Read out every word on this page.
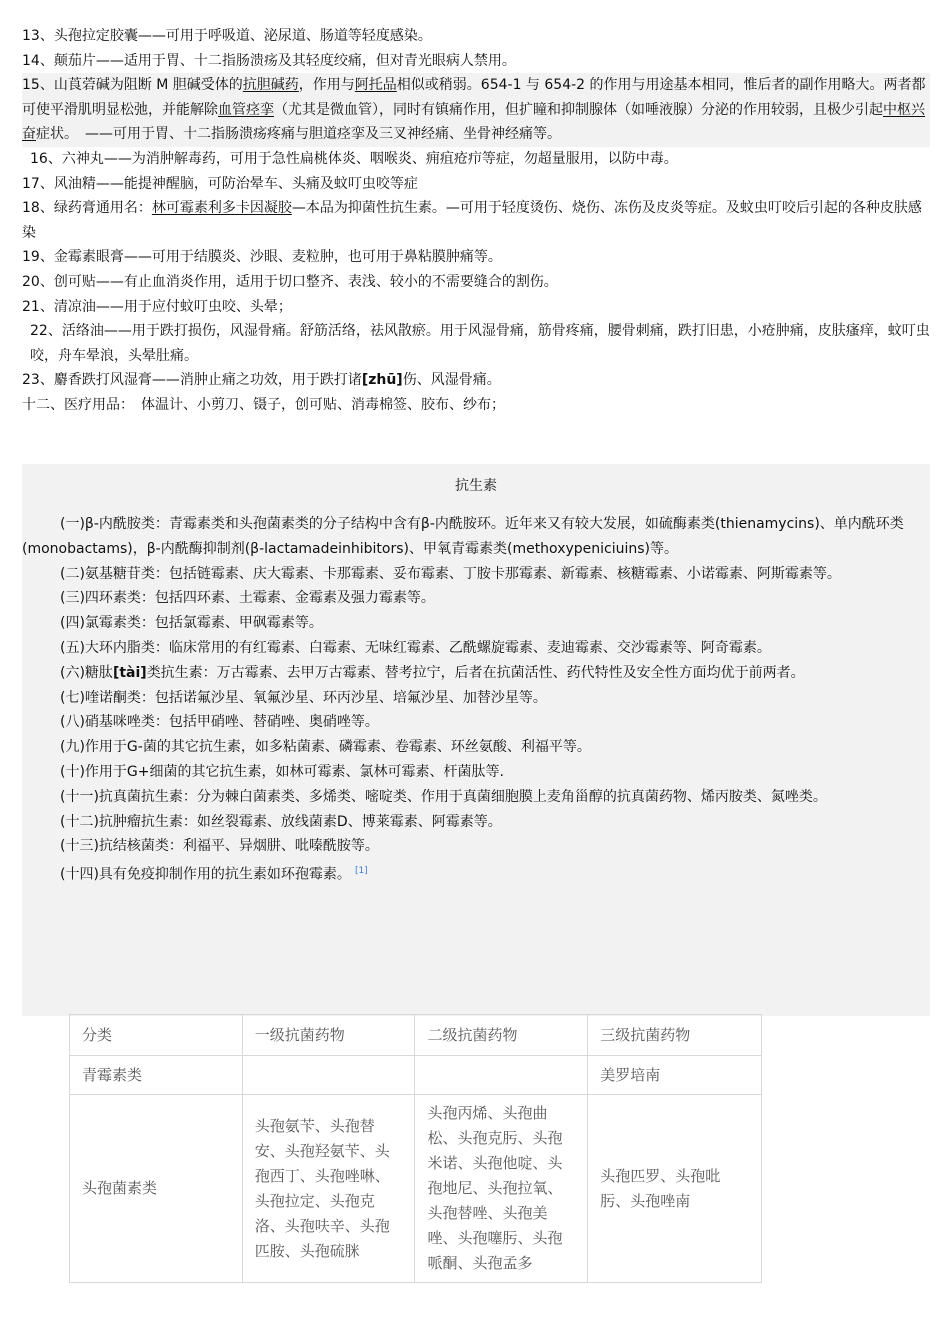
13、头孢拉定胶囊——可用于呼吸道、泌尿道、肠道等轻度感染。

14、颠茄片——适用于胃、十二指肠溃疡及其轻度绞痛，但对青光眼病人禁用。

15、山莨菪碱为阻断 M 胆碱受体的抗胆碱药，作用与阿托品相似或稍弱。654-1 与 654-2 的作用与用途基本相同，惟后者的副作用略大。两者都可使平滑肌明显松弛，并能解除血管痉挛（尤其是微血管），同时有镇痛作用，但扩瞳和抑制腺体（如唾液腺）分泌的作用较弱，且极少引起中枢兴奋症状。　——可用于胃、十二指肠溃疡疼痛与胆道痉挛及三叉神经痛、坐骨神经痛等。

16、六神丸——为消肿解毒药，可用于急性扁桃体炎、咽喉炎、痈疽疮疖等症，勿超量服用，以防中毒。

17、风油精——能提神醒脑，可防治晕车、头痛及蚊叮虫咬等症

18、绿药膏通用名：林可霉素利多卡因凝胶—本品为抑菌性抗生素。—可用于轻度烫伤、烧伤、冻伤及皮炎等症。及蚊虫叮咬后引起的各种皮肤感染

19、金霉素眼膏——可用于结膜炎、沙眼、麦粒肿，也可用于鼻粘膜肿痛等。

20、创可贴——有止血消炎作用，适用于切口整齐、表浅、较小的不需要缝合的割伤。

21、清凉油——用于应付蚊叮虫咬、头晕；

22、活络油——用于跌打损伤，风湿骨痛。舒筋活络，祛风散瘀。用于风湿骨痛，筋骨疼痛，腰骨刺痛，跌打旧患，小疮肿痛，皮肤瘙痒，蚊叮虫咬，舟车晕浪，头晕肚痛。

23、麝香跌打风湿膏——消肿止痛之功效，用于跌打诸[zhū]伤、风湿骨痛。

十二、医疗用品：　体温计、小剪刀、镊子，创可贴、消毒棉签、胶布、纱布；

抗生素

(一)β-内酰胺类：青霉素类和头孢菌素类的分子结构中含有β-内酰胺环。近年来又有较大发展，如硫酶素类(thienamycins)、单内酰环类(monobactams)，β-内酰酶抑制剂(β-lactamadeinhibitors)、甲氧青霉素类(methoxypeniciuins)等。

(二)氨基糖苷类：包括链霉素、庆大霉素、卡那霉素、妥布霉素、丁胺卡那霉素、新霉素、核糖霉素、小诺霉素、阿斯霉素等。

(三)四环素类：包括四环素、土霉素、金霉素及强力霉素等。

(四)氯霉素类：包括氯霉素、甲砜霉素等。

(五)大环内脂类：临床常用的有红霉素、白霉素、无味红霉素、乙酰螺旋霉素、麦迪霉素、交沙霉素等、阿奇霉素。

(六)糖肽[tài]类抗生素：万古霉素、去甲万古霉素、替考拉宁，后者在抗菌活性、药代特性及安全性方面均优于前两者。

(七)喹诺酮类：包括诺氟沙星、氧氟沙星、环丙沙星、培氟沙星、加替沙星等。

(八)硝基咪唑类：包括甲硝唑、替硝唑、奥硝唑等。

(九)作用于G-菌的其它抗生素，如多粘菌素、磷霉素、卷霉素、环丝氨酸、利福平等。

(十)作用于G+细菌的其它抗生素，如林可霉素、氯林可霉素、杆菌肽等.

(十一)抗真菌抗生素：分为棘白菌素类、多烯类、嘧啶类、作用于真菌细胞膜上麦角甾醇的抗真菌药物、烯丙胺类、氮唑类。

(十二)抗肿瘤抗生素：如丝裂霉素、放线菌素D、博莱霉素、阿霉素等。

(十三)抗结核菌类：利福平、异烟肼、吡嗪酰胺等。

(十四)具有免疫抑制作用的抗生素如环孢霉素。 [1]

分类	一级抗菌药物	二级抗菌药物	三级抗菌药物
青霉素类			美罗培南
头孢菌素类	头孢氨苄、头孢替安、头孢羟氨苄、头孢西丁、头孢唑啉、头孢拉定、头孢克洛、头孢呋辛、头孢匹胺、头孢硫脒	头孢丙烯、头孢曲松、头孢克肟、头孢米诺、头孢他啶、头孢地尼、头孢拉氧、头孢替唑、头孢美唑、头孢噻肟、头孢哌酮、头孢孟多	头孢匹罗、头孢吡肟、头孢唑南
